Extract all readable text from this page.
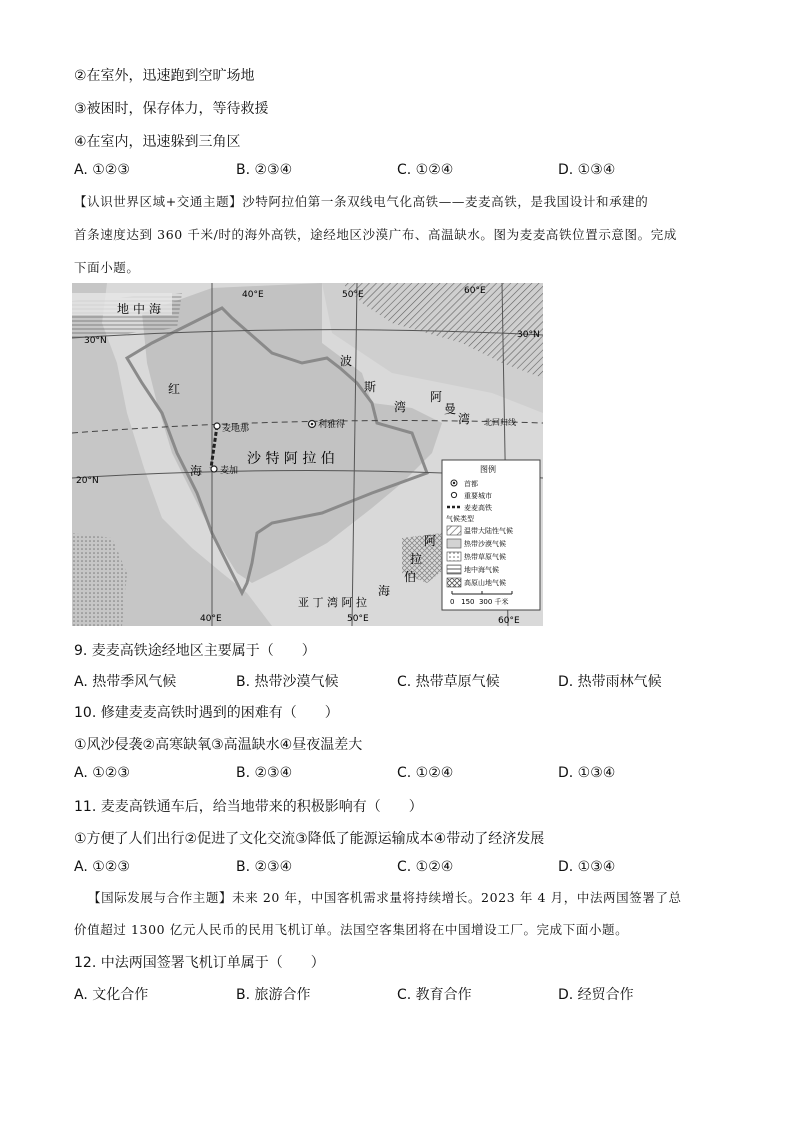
②在室外，迅速跑到空旷场地
③被困时，保存体力，等待救援
④在室内，迅速躲到三角区
A. ①②③	B. ②③④	C. ①②④	D. ①③④

【认识世界区域+交通主题】沙特阿拉伯第一条双线电气化高铁——麦麦高铁，是我国设计和承建的

首条速度达到 360 千米/时的海外高铁，途经地区沙漠广布、高温缺水。图为麦麦高铁位置示意图。完成

下面小题。

40°E	50°E	60°E
40°E	50°E	60°E
30°N
30°N
20°N
地中海
红
海
波
斯
湾
阿
曼
湾
沙 特 阿 拉 伯
利雅得
麦地那
麦加
北回归线
阿
拉
伯
海
亚 丁 湾 阿 拉
图例
首都
重要城市
麦麦高铁
气候类型
温带大陆性气候
热带沙漠气候
热带草原气候
地中海气候
高原山地气候
0   150  300 千米
9. 麦麦高铁途经地区主要属于（　　）
A. 热带季风气候	B. 热带沙漠气候	C. 热带草原气候	D. 热带雨林气候
10. 修建麦麦高铁时遇到的困难有（　　）
①风沙侵袭②高寒缺氧③高温缺水④昼夜温差大
A. ①②③	B. ②③④	C. ①②④	D. ①③④
11. 麦麦高铁通车后，给当地带来的积极影响有（　　）
①方便了人们出行②促进了文化交流③降低了能源运输成本④带动了经济发展
A. ①②③	B. ②③④	C. ①②④	D. ①③④

【国际发展与合作主题】未来 20 年，中国客机需求量将持续增长。2023 年 4 月，中法两国签署了总

价值超过 1300 亿元人民币的民用飞机订单。法国空客集团将在中国增设工厂。完成下面小题。

12. 中法两国签署飞机订单属于（　　）
A. 文化合作	B. 旅游合作	C. 教育合作	D. 经贸合作
